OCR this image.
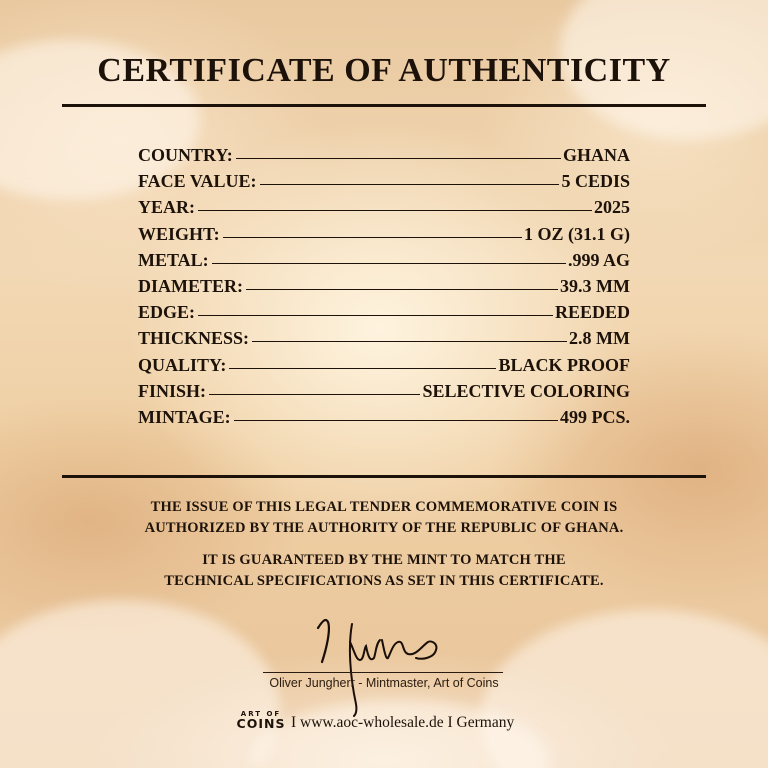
CERTIFICATE OF AUTHENTICITY
COUNTRY:	GHANA
FACE VALUE:	5 CEDIS
YEAR:	2025
WEIGHT:	1 OZ (31.1 G)
METAL:	.999 AG
DIAMETER:	39.3 MM
EDGE:	REEDED
THICKNESS:	2.8 MM
QUALITY:	BLACK PROOF
FINISH:	SELECTIVE COLORING
MINTAGE:	499 PCS.
THE ISSUE OF THIS LEGAL TENDER COMMEMORATIVE COIN IS
AUTHORIZED BY THE AUTHORITY OF THE REPUBLIC OF GHANA.
IT IS GUARANTEED BY THE MINT TO MATCH THE
TECHNICAL SPECIFICATIONS AS SET IN THIS CERTIFICATE.
Oliver Jungherr - Mintmaster, Art of Coins
ART OF
COINS I www.aoc-wholesale.de I Germany
